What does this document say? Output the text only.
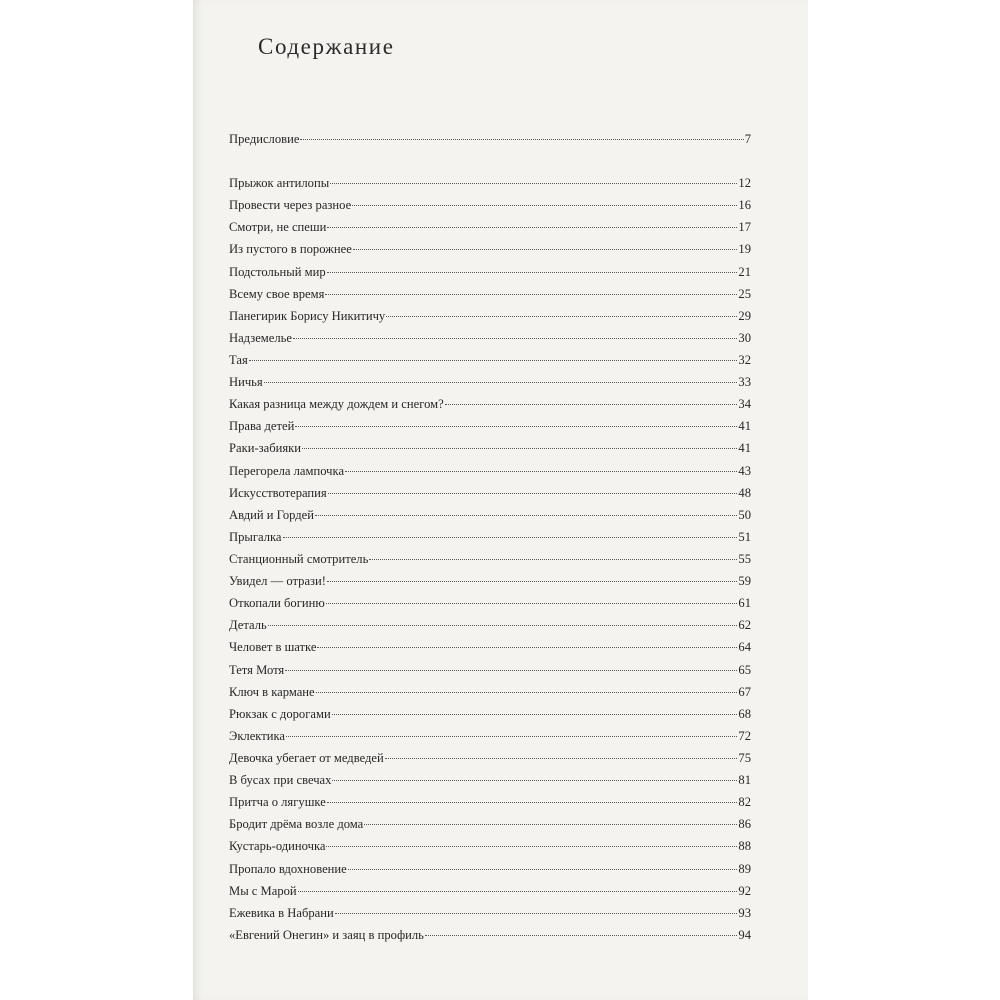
Содержание
Предисловие	7
Прыжок антилопы	12
Провести через разное	16
Смотри, не спеши	17
Из пустого в порожнее	19
Подстольный мир	21
Всему свое время	25
Панегирик Борису Никитичу	29
Надземелье	30
Тая	32
Ничья	33
Какая разница между дождем и снегом?	34
Права детей	41
Раки-забияки	41
Перегорела лампочка	43
Искусствотерапия	48
Авдий и Гордей	50
Прыгалка	51
Станционный смотритель	55
Увидел — отрази!	59
Откопали богиню	61
Деталь	62
Человет в шатке	64
Тетя Мотя	65
Ключ в кармане	67
Рюкзак с дорогами	68
Эклектика	72
Девочка убегает от медведей	75
В бусах при свечах	81
Притча о лягушке	82
Бродит дрёма возле дома	86
Кустарь-одиночка	88
Пропало вдохновение	89
Мы с Марой	92
Ежевика в Набрани	93
«Евгений Онегин» и заяц в профиль	94
